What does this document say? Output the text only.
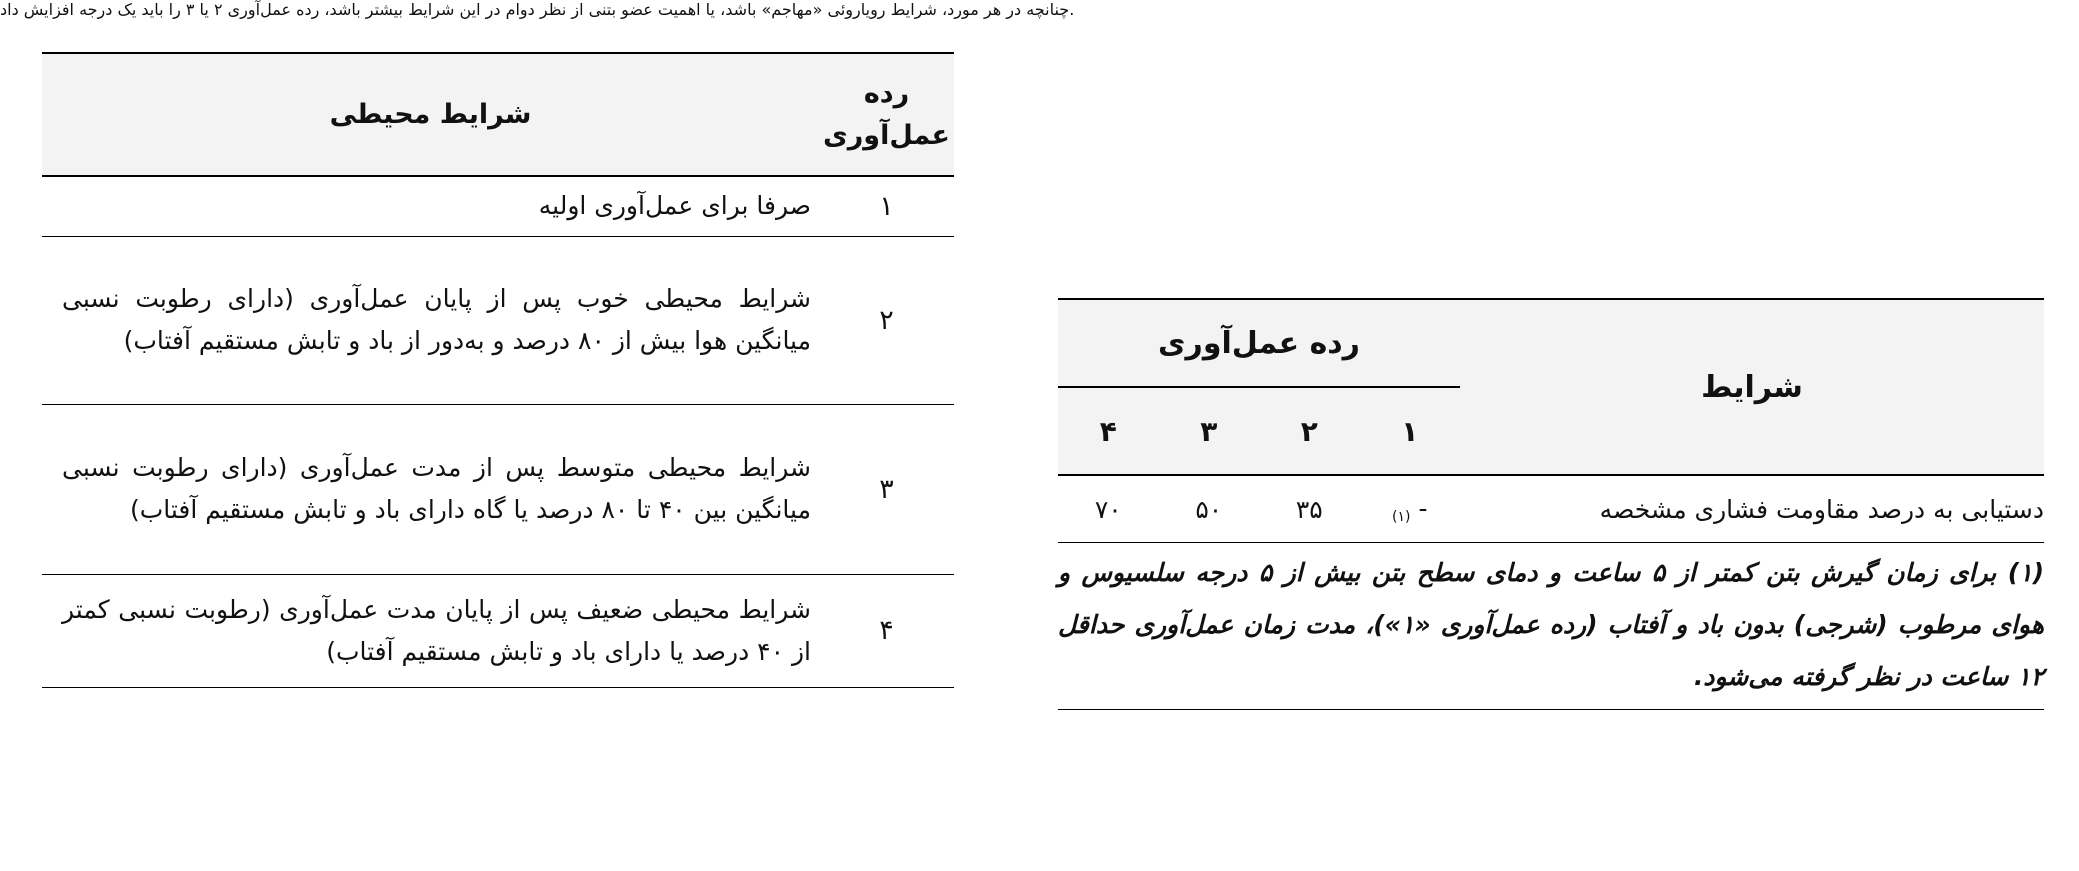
رده
عمل‌آوری	شرایط محیطی
۱	صرفا برای عمل‌آوری اولیه
۲	شرایط محیطی خوب پس از پایان عمل‌آوری (دارای رطوبت نسبی میانگین هوا بیش از ۸۰ درصد و به‌دور از باد و تابش مستقیم آفتاب)
۳	شرایط محیطی متوسط پس از مدت عمل‌آوری (دارای رطوبت نسبی میانگین بین ۴۰ تا ۸۰ درصد یا گاه دارای باد و تابش مستقیم آفتاب)
۴	شرایط محیطی ضعیف پس از پایان مدت عمل‌آوری (رطوبت نسبی کمتر از ۴۰ درصد یا دارای باد و تابش مستقیم آفتاب)
چنانچه در هر مورد، شرایط رویاروئی «مهاجم» باشد، یا اهمیت عضو بتنی از نظر دوام در این شرایط بیشتر باشد، رده عمل‌آوری ۲ یا ۳ را باید یک درجه افزایش داد.
شرایط	رده عمل‌آوری			
	۱	۲	۳	۴
دستیابی به درصد مقاومت فشاری مشخصه	- $^{(۱)}$	۳۵	۵۰	۷۰
(۱) برای زمان گیرش بتن کمتر از ۵ ساعت و دمای سطح بتن بیش از ۵ درجه سلسیوس و هوای مرطوب (شرجی) بدون باد و آفتاب (رده عمل‌آوری «۱»)، مدت زمان عمل‌آوری حداقل ۱۲ ساعت در نظر گرفته می‌شود.
